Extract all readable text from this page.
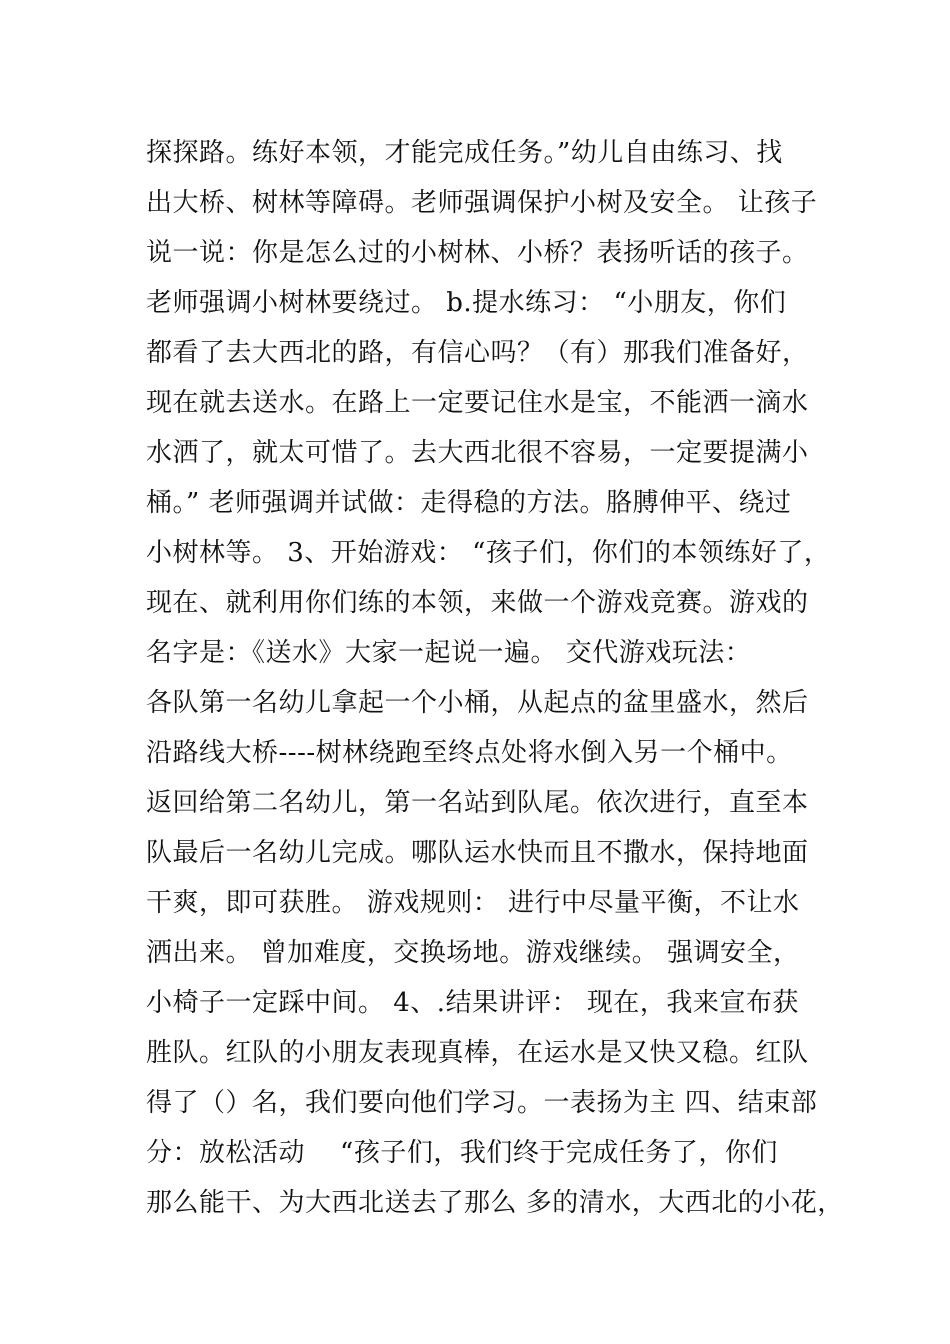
探探路。练好本领，才能完成任务。”幼儿自由练习、找
出大桥、树林等障碍。老师强调保护小树及安全。 让孩子
说一说：你是怎么过的小树林、小桥？表扬听话的孩子。
老师强调小树林要绕过。 b.提水练习： “小朋友，你们
都看了去大西北的路，有信心吗？（有）那我们准备好，
现在就去送水。在路上一定要记住水是宝，不能洒一滴水
水洒了，就太可惜了。去大西北很不容易，一定要提满小
桶。” 老师强调并试做：走得稳的方法。胳膊伸平、绕过
小树林等。 3、开始游戏： “孩子们，你们的本领练好了，
现在、就利用你们练的本领，来做一个游戏竞赛。游戏的
名字是：《送水》大家一起说一遍。 交代游戏玩法：
各队第一名幼儿拿起一个小桶，从起点的盆里盛水，然后
沿路线大桥----树林绕跑至终点处将水倒入另一个桶中。
返回给第二名幼儿，第一名站到队尾。依次进行，直至本
队最后一名幼儿完成。哪队运水快而且不撒水，保持地面
干爽，即可获胜。 游戏规则： 进行中尽量平衡，不让水
洒出来。 曾加难度，交换场地。游戏继续。 强调安全，
小椅子一定踩中间。 4、.结果讲评： 现在，我来宣布获
胜队。红队的小朋友表现真棒，在运水是又快又稳。红队
得了（）名，我们要向他们学习。一表扬为主 四、结束部
分：放松活动    “孩子们，我们终于完成任务了，你们
那么能干、为大西北送去了那么 多的清水，大西北的小花，
